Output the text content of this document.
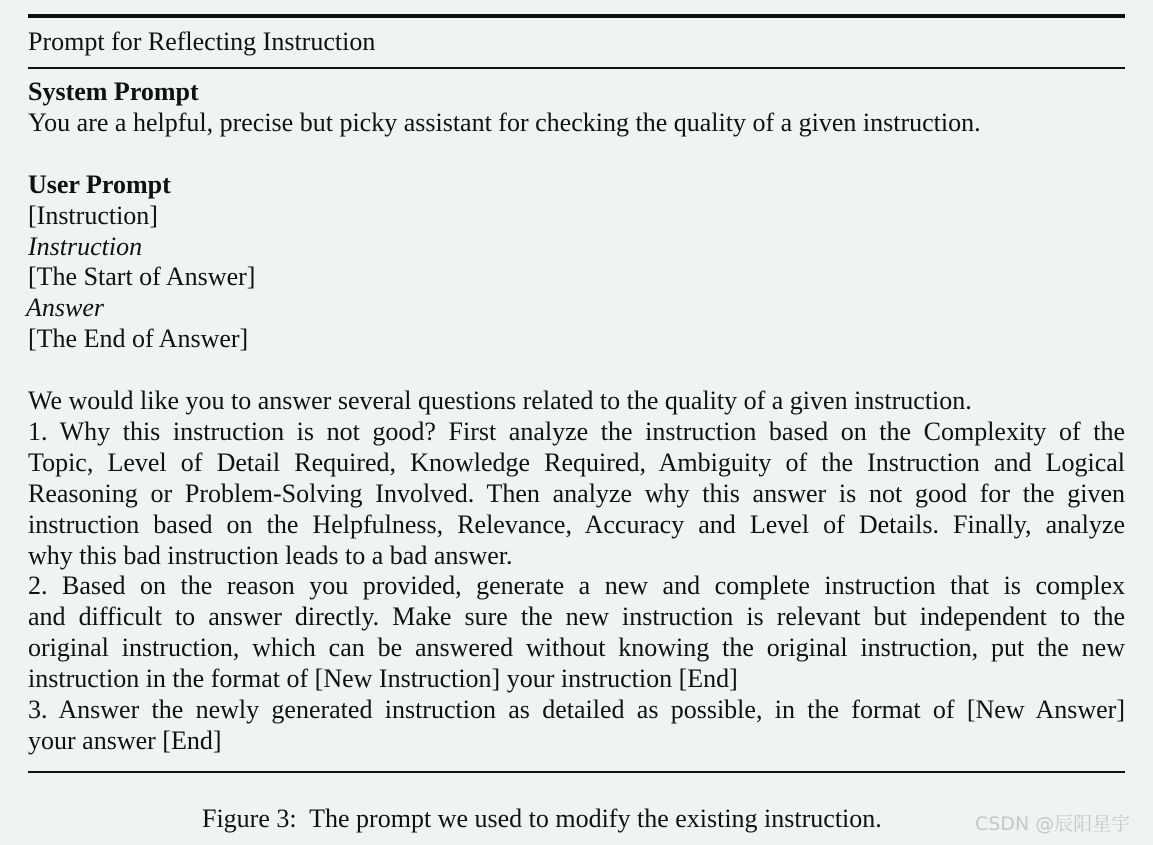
Prompt for Reflecting Instruction
System Prompt
You are a helpful, precise but picky assistant for checking the quality of a given instruction.
User Prompt
[Instruction]
Instruction
[The Start of Answer]
Answer
[The End of Answer]
We would like you to answer several questions related to the quality of a given instruction.
1. Why this instruction is not good? First analyze the instruction based on the Complexity of the
Topic, Level of Detail Required, Knowledge Required, Ambiguity of the Instruction and Logical
Reasoning or Problem-Solving Involved. Then analyze why this answer is not good for the given
instruction based on the Helpfulness, Relevance, Accuracy and Level of Details. Finally, analyze
why this bad instruction leads to a bad answer.
2. Based on the reason you provided, generate a new and complete instruction that is complex
and difficult to answer directly. Make sure the new instruction is relevant but independent to the
original instruction, which can be answered without knowing the original instruction, put the new
instruction in the format of [New Instruction] your instruction [End]
3. Answer the newly generated instruction as detailed as possible, in the format of [New Answer]
your answer [End]
Figure 3:  The prompt we used to modify the existing instruction.	CSDN @辰阳星宇
